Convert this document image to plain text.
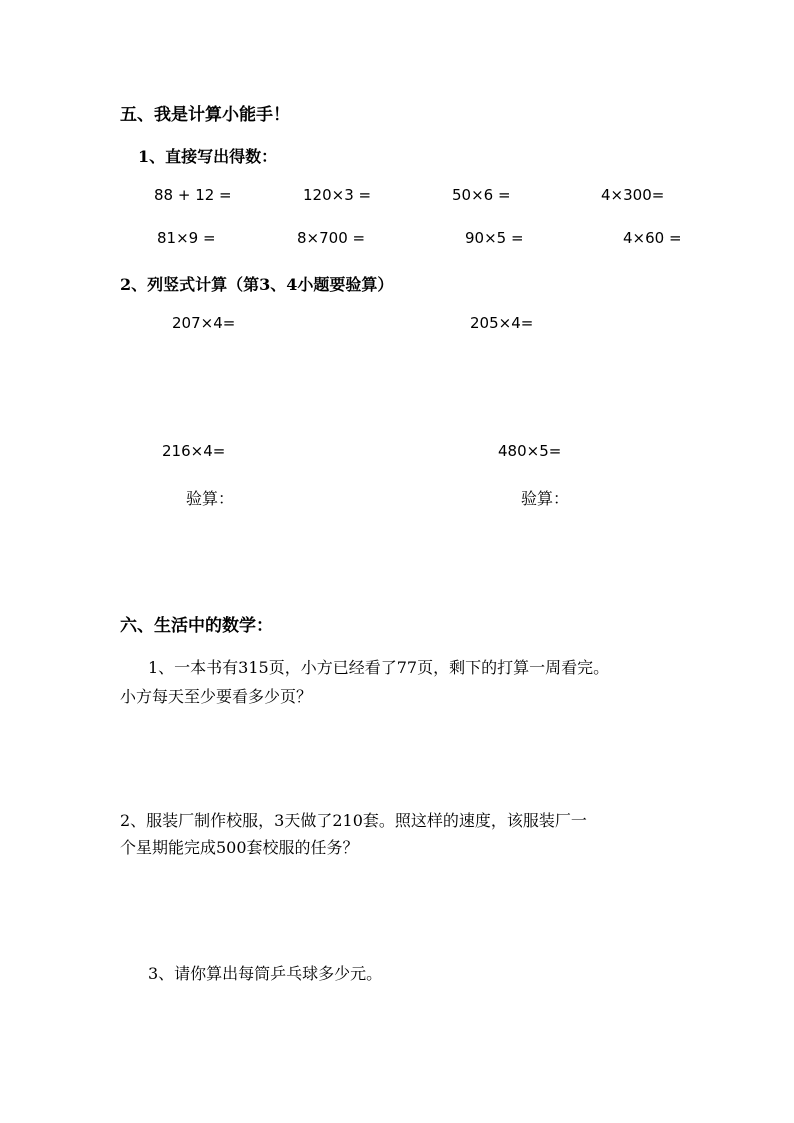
五、我是计算小能手！
1、直接写出得数：
88 + 12 =	120×3 =	50×6 =	4×300=
81×9 =	8×700 =	90×5 =	4×60 =
2、列竖式计算（第3、4小题要验算）
207×4=	205×4=
216×4=	480×5=
验算：	验算：
六、生活中的数学：
1、一本书有315页，小方已经看了77页，剩下的打算一周看完。
小方每天至少要看多少页？
2、服装厂制作校服，3天做了210套。照这样的速度，该服装厂一
个星期能完成500套校服的任务？
3、请你算出每筒乒乓球多少元。
